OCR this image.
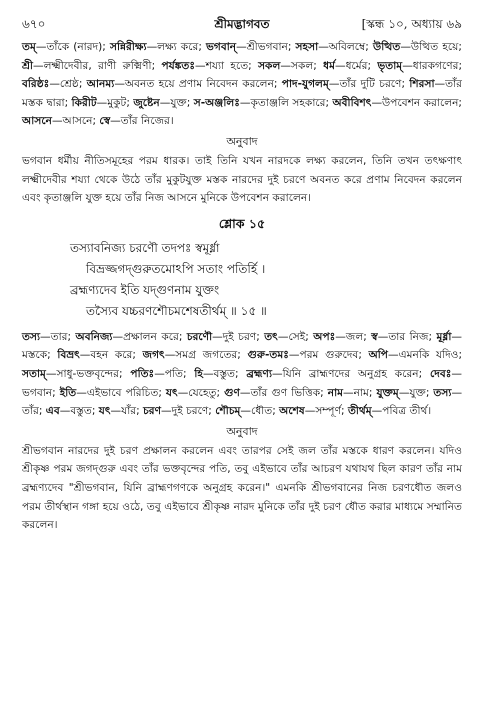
৬৭০	শ্রীমদ্ভাগবত	[স্কন্ধ ১০, অধ্যায় ৬৯

তম্—তাঁকে (নারদ); সন্নিরীক্ষ্য—লক্ষ্য করে; ভগবান্—শ্রীভগবান; সহসা—অবিলম্বে; উত্থিত—উত্থিত হয়ে; শ্রী—লক্ষ্মীদেবীর, রাণী রুক্মিণী; পর্যঙ্কতঃ—শয্যা হতে; সকল—সকল; ধর্ম—ধর্মের; ভৃতাম্—ধারকগণের; বরিষ্ঠঃ—শ্রেষ্ঠ; আনম্য—অবনত হয়ে প্রণাম নিবেদন করলেন; পাদ-যুগলম্—তাঁর দুটি চরণে; শিরসা—তাঁর মস্তক দ্বারা; কিরীট—মুকুট; জুষ্টেন—যুক্ত; স-অঞ্জলিঃ—কৃতাঞ্জলি সহকারে; অবীবিশৎ—উপবেশন করালেন; আসনে—আসনে; স্বে—তাঁর নিজের।

অনুবাদ

ভগবান ধর্মীয় নীতিসমূহের পরম ধারক। তাই তিনি যখন নারদকে লক্ষ্য করলেন, তিনি তখন তৎক্ষণাৎ লক্ষ্মীদেবীর শয্যা থেকে উঠে তাঁর মুকুটযুক্ত মস্তক নারদের দুই চরণে অবনত করে প্রণাম নিবেদন করলেন এবং কৃতাঞ্জলি যুক্ত হয়ে তাঁর নিজ আসনে মুনিকে উপবেশন করালেন।

শ্লোক ১৫
তস্যাবনিজ্য চরণৌ তদপঃ স্বমূর্ধ্না
বিভ্রজ্জগদ্গুরুতমোঽপি সতাং পতির্হি ।
ব্রহ্মণ্যদেব ইতি যদ্গুণনাম যুক্তং
তস্যৈব যচ্চরণশৌচমশেষতীর্থম্ ॥ ১৫ ॥

তস্য—তার; অবনিজ্য—প্রক্ষালন করে; চরণৌ—দুই চরণ; তৎ—সেই; অপঃ—জল; স্ব—তার নিজ; মূর্ধ্না—মস্তকে; বিভ্রৎ—বহন করে; জগৎ—সমগ্র জগতের; গুরু-তমঃ—পরম গুরুদেব; অপি—এমনকি যদিও; সতাম্—সাধু-ভক্তবৃন্দের; পতিঃ—পতি; হি—বস্তুত; ব্রহ্মণ্য—যিনি ব্রাহ্মণদের অনুগ্রহ করেন; দেবঃ—ভগবান; ইতি—এইভাবে পরিচিত; যৎ—যেহেতু; গুণ—তাঁর গুণ ভিত্তিক; নাম—নাম; যুক্তম্—যুক্ত; তস্য—তাঁর; এব—বস্তুত; যৎ—যাঁর; চরণ—দুই চরণে; শৌচম্—ধৌত; অশেষ—সম্পূর্ণ; তীর্থম্—পবিত্র তীর্থ।

অনুবাদ

শ্রীভগবান নারদের দুই চরণ প্রক্ষালন করলেন এবং তারপর সেই জল তাঁর মস্তকে ধারণ করলেন। যদিও শ্রীকৃষ্ণ পরম জগদ্গুরু এবং তাঁর ভক্তবৃন্দের পতি, তবু এইভাবে তাঁর আচরণ যথাযথ ছিল কারণ তাঁর নাম ব্রহ্মণ্যদেব "শ্রীভগবান, যিনি ব্রাহ্মণগণকে অনুগ্রহ করেন।" এমনকি শ্রীভগবানের নিজ চরণধৌত জলও পরম তীর্থস্থান গঙ্গা হয়ে ওঠে, তবু এইভাবে শ্রীকৃষ্ণ নারদ মুনিকে তাঁর দুই চরণ ধৌত করার মাধ্যমে সম্মানিত করলেন।
